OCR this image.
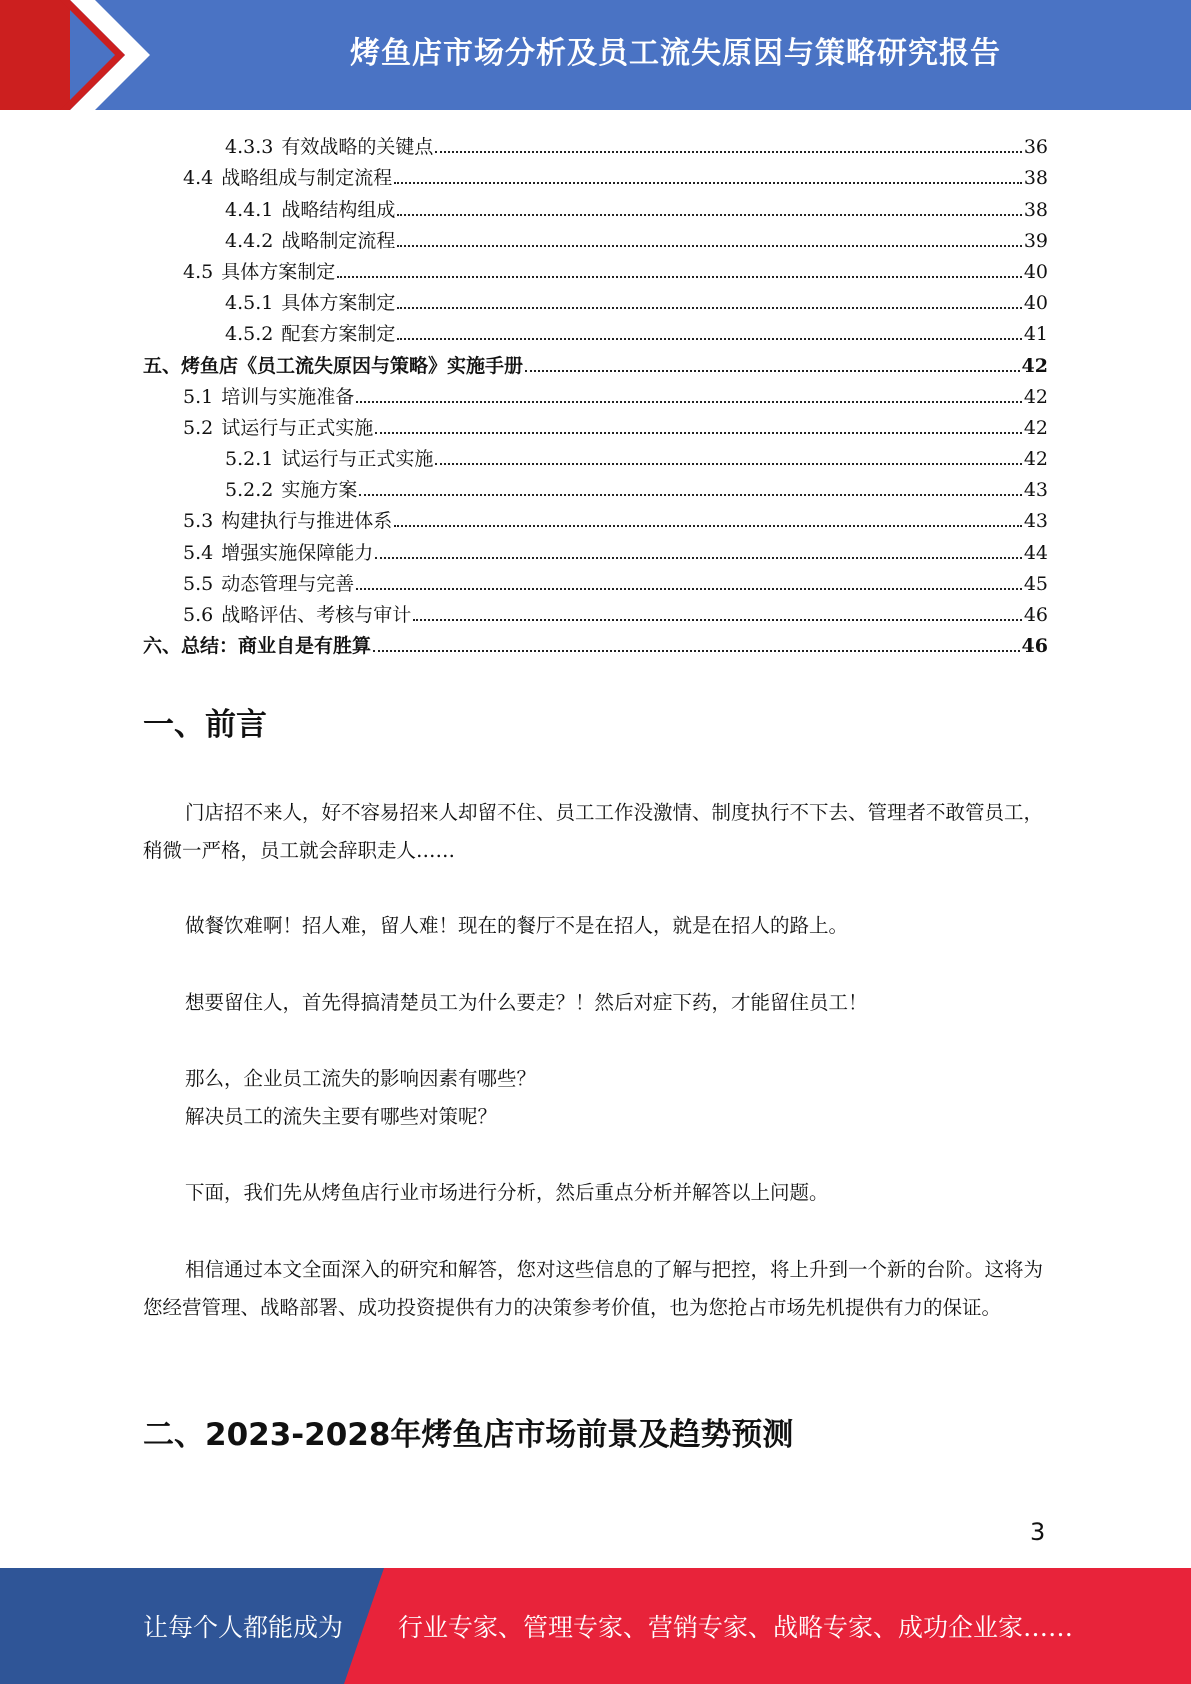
烤鱼店市场分析及员工流失原因与策略研究报告
4.3.3 有效战略的关键点	36
4.4 战略组成与制定流程	38
4.4.1 战略结构组成	38
4.4.2 战略制定流程	39
4.5 具体方案制定	40
4.5.1 具体方案制定	40
4.5.2 配套方案制定	41
五、烤鱼店《员工流失原因与策略》实施手册	42
5.1 培训与实施准备	42
5.2 试运行与正式实施	42
5.2.1 试运行与正式实施	42
5.2.2 实施方案	43
5.3 构建执行与推进体系	43
5.4 增强实施保障能力	44
5.5 动态管理与完善	45
5.6 战略评估、考核与审计	46
六、总结：商业自是有胜算	46
一、前言
门店招不来人，好不容易招来人却留不住、员工工作没激情、制度执行不下去、管理者不敢管员工，稍微一严格，员工就会辞职走人……
做餐饮难啊！招人难，留人难！现在的餐厅不是在招人，就是在招人的路上。
想要留住人，首先得搞清楚员工为什么要走？！然后对症下药，才能留住员工！
那么，企业员工流失的影响因素有哪些？
解决员工的流失主要有哪些对策呢？
下面，我们先从烤鱼店行业市场进行分析，然后重点分析并解答以上问题。
相信通过本文全面深入的研究和解答，您对这些信息的了解与把控，将上升到一个新的台阶。这将为您经营管理、战略部署、成功投资提供有力的决策参考价值，也为您抢占市场先机提供有力的保证。
二、2023-2028年烤鱼店市场前景及趋势预测
3
让每个人都能成为 行业专家、管理专家、营销专家、战略专家、成功企业家……
